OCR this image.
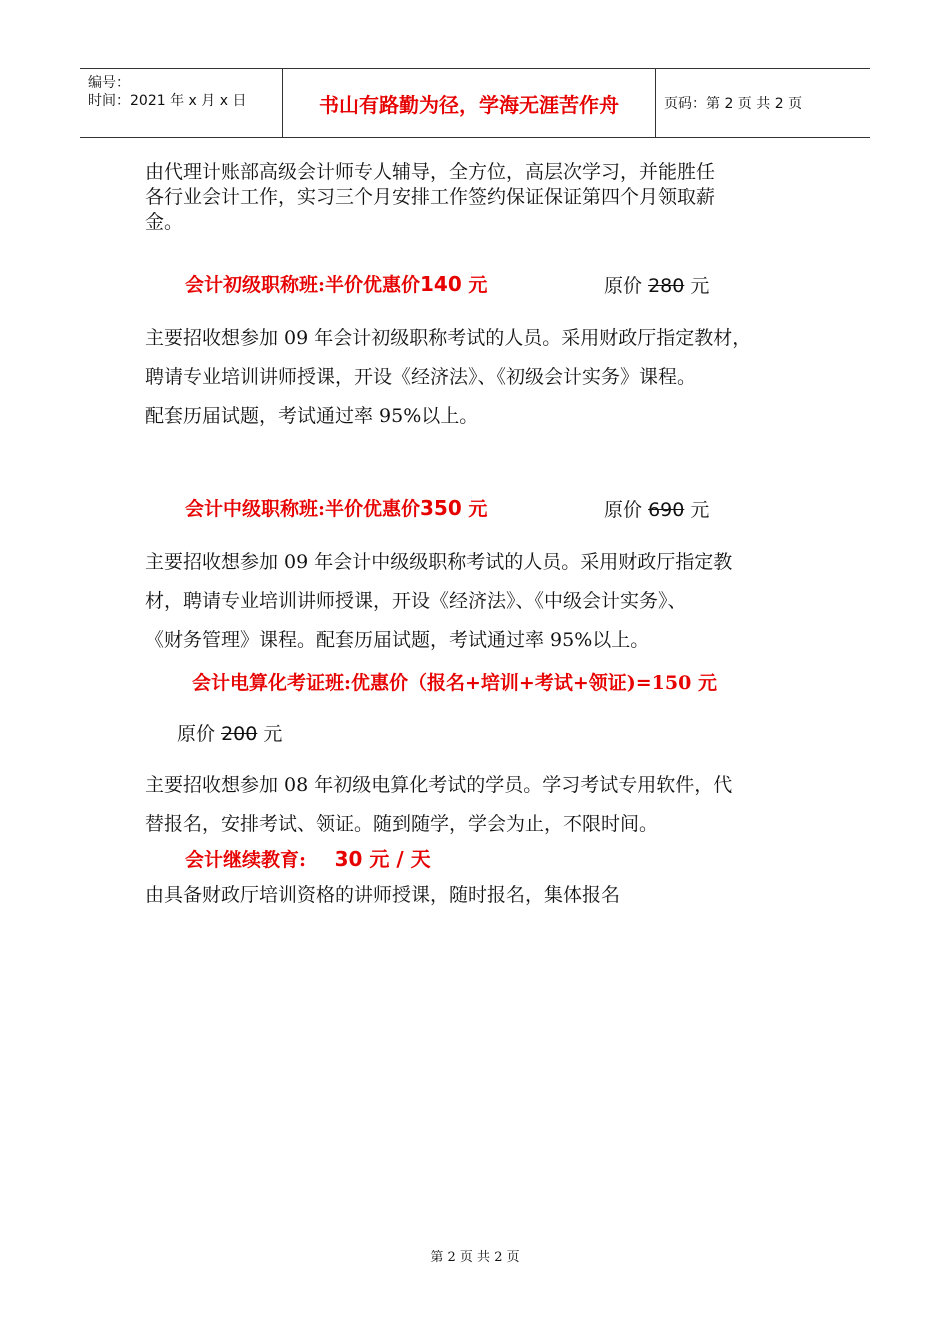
编号：
时间：2021 年 x 月 x 日	书山有路勤为径，学海无涯苦作舟	页码：第 2 页 共 2 页
由代理计账部高级会计师专人辅导，全方位，高层次学习，并能胜任
各行业会计工作，实习三个月安排工作签约保证保证第四个月领取薪
金。
会计初级职称班:半价优惠价140 元	原价 280 元
主要招收想参加 09 年会计初级职称考试的人员。采用财政厅指定教材，
聘请专业培训讲师授课，开设《经济法》、《初级会计实务》课程。
配套历届试题，考试通过率 95%以上。
会计中级职称班:半价优惠价350 元	原价 690 元
主要招收想参加 09 年会计中级级职称考试的人员。采用财政厅指定教
材，聘请专业培训讲师授课，开设《经济法》、《中级会计实务》、
《财务管理》课程。配套历届试题，考试通过率 95%以上。
会计电算化考证班:优惠价（报名+培训+考试+领证)=150 元
原价 200 元
主要招收想参加 08 年初级电算化考试的学员。学习考试专用软件，代
替报名，安排考试、领证。随到随学，学会为止，不限时间。
会计继续教育: 30 元 / 天
由具备财政厅培训资格的讲师授课，随时报名，集体报名
第 2 页 共 2 页
